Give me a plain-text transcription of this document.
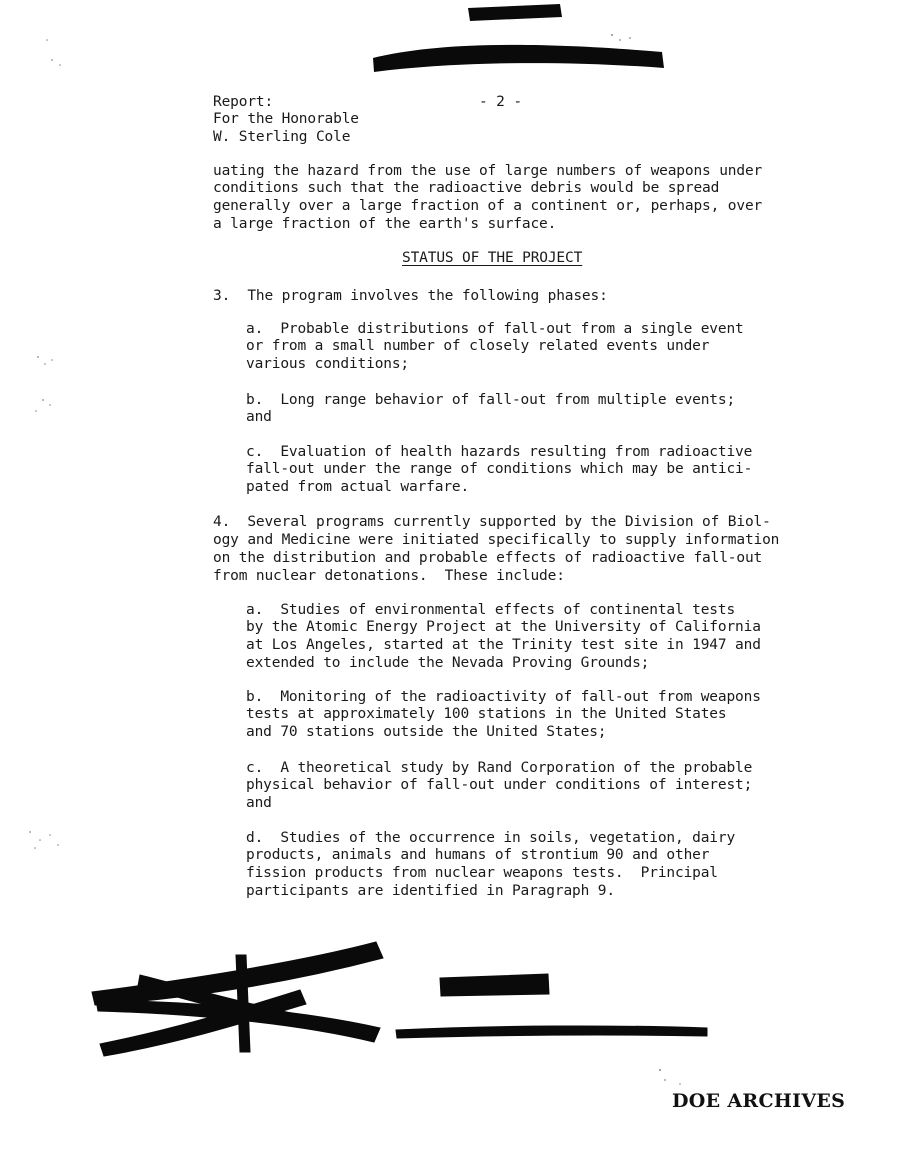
- 2 -
Report:
For the Honorable
W. Sterling Cole
uating the hazard from the use of large numbers of weapons under
conditions such that the radioactive debris would be spread
generally over a large fraction of a continent or, perhaps, over
a large fraction of the earth's surface.
STATUS OF THE PROJECT
3.  The program involves the following phases:
a.  Probable distributions of fall-out from a single event
or from a small number of closely related events under
various conditions;
b.  Long range behavior of fall-out from multiple events;
and
c.  Evaluation of health hazards resulting from radioactive
fall-out under the range of conditions which may be antici-
pated from actual warfare.
4.  Several programs currently supported by the Division of Biol-
ogy and Medicine were initiated specifically to supply information
on the distribution and probable effects of radioactive fall-out
from nuclear detonations.  These include:
a.  Studies of environmental effects of continental tests
by the Atomic Energy Project at the University of California
at Los Angeles, started at the Trinity test site in 1947 and
extended to include the Nevada Proving Grounds;
b.  Monitoring of the radioactivity of fall-out from weapons
tests at approximately 100 stations in the United States
and 70 stations outside the United States;
c.  A theoretical study by Rand Corporation of the probable
physical behavior of fall-out under conditions of interest;
and
d.  Studies of the occurrence in soils, vegetation, dairy
products, animals and humans of strontium 90 and other
fission products from nuclear weapons tests.  Principal
participants are identified in Paragraph 9.
DOE ARCHIVES
